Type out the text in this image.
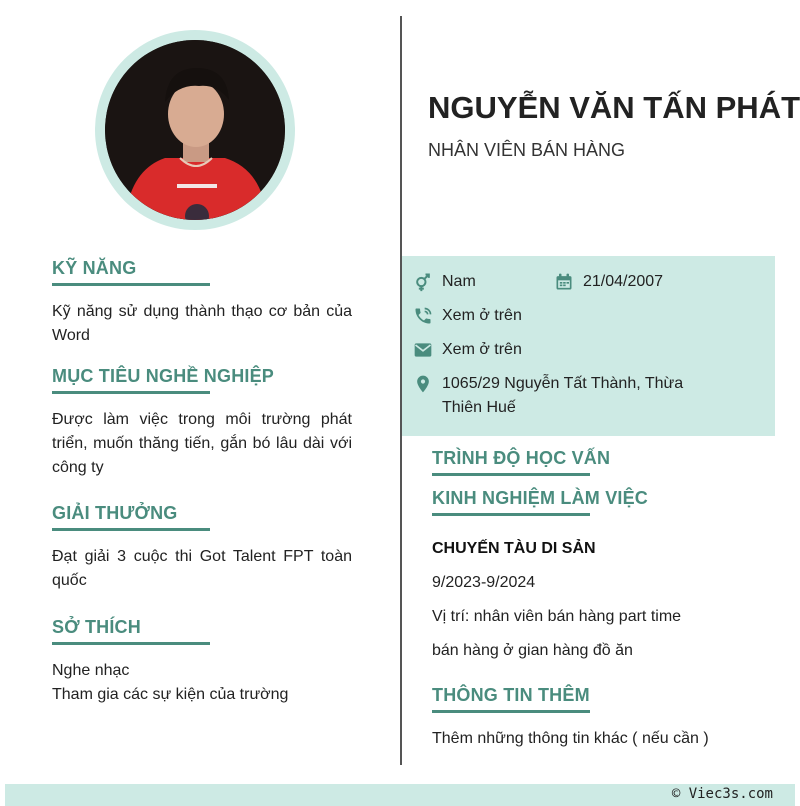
NGUYỄN VĂN TẤN PHÁT
NHÂN VIÊN BÁN HÀNG
KỸ NĂNG
Kỹ năng sử dụng thành thạo cơ bản của Word
MỤC TIÊU NGHỀ NGHIỆP
Được làm việc trong môi trường phát triển, muốn thăng tiến, gắn bó lâu dài với công ty
GIẢI THƯỞNG
Đạt giải 3 cuộc thi Got Talent FPT toàn quốc
SỞ THÍCH
Nghe nhạc
Tham gia các sự kiện của trường
Nam	21/04/2007
Xem ở trên
Xem ở trên
1065/29 Nguyễn Tất Thành, Thừa
Thiên Huế
TRÌNH ĐỘ HỌC VẤN
KINH NGHIỆM LÀM VIỆC
CHUYẾN TÀU DI SẢN
9/2023-9/2024
Vị trí: nhân viên bán hàng part time
bán hàng ở gian hàng đồ ăn
THÔNG TIN THÊM
Thêm những thông tin khác ( nếu cần )
© Viec3s.com
